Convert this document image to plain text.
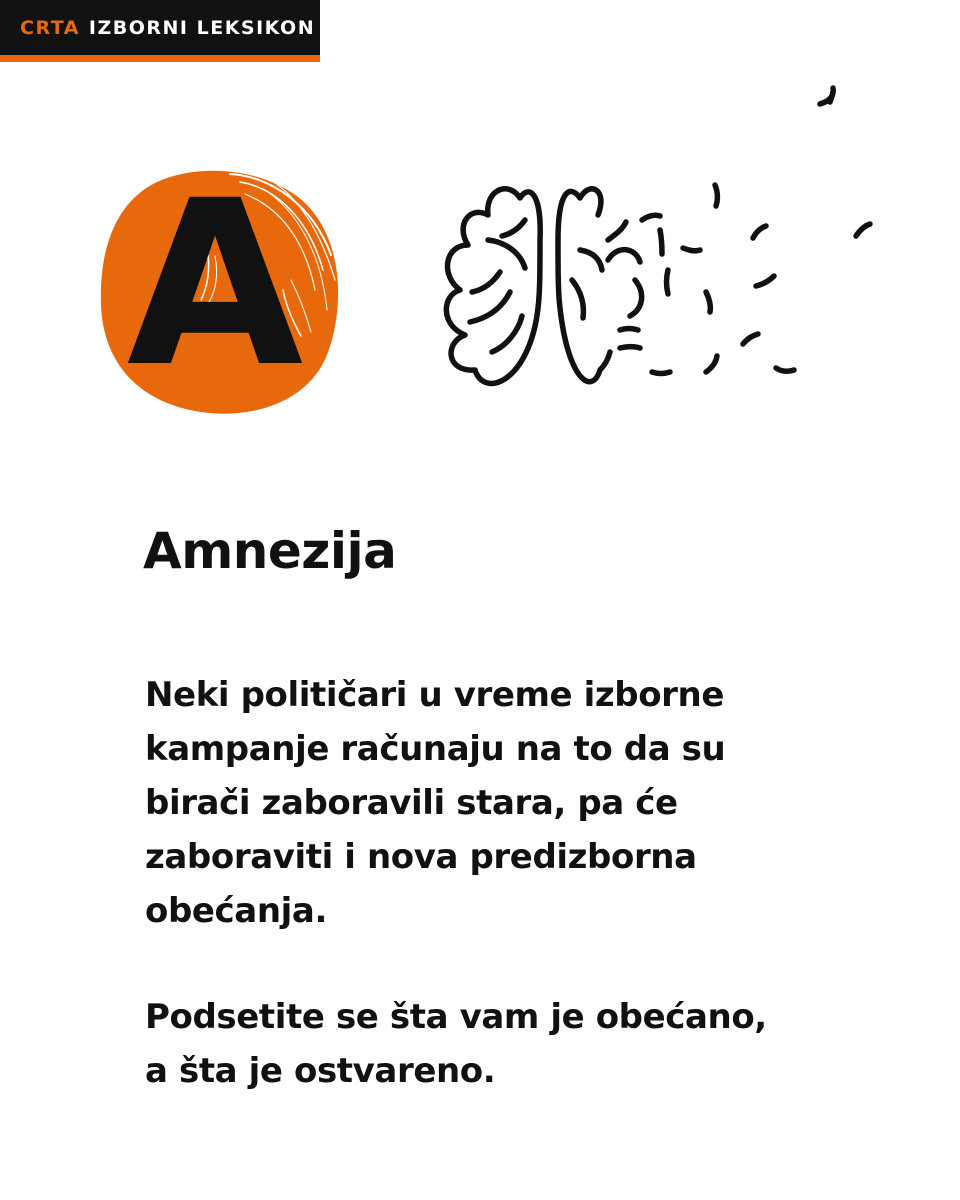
CRTA IZBORNI LEKSIKON
A
Amnezija

Neki političari u vreme izborne kampanje računaju na to da su birači zaboravili stara, pa će zaboraviti i nova predizborna obećanja.

Podsetite se šta vam je obećano, a šta je ostvareno.
